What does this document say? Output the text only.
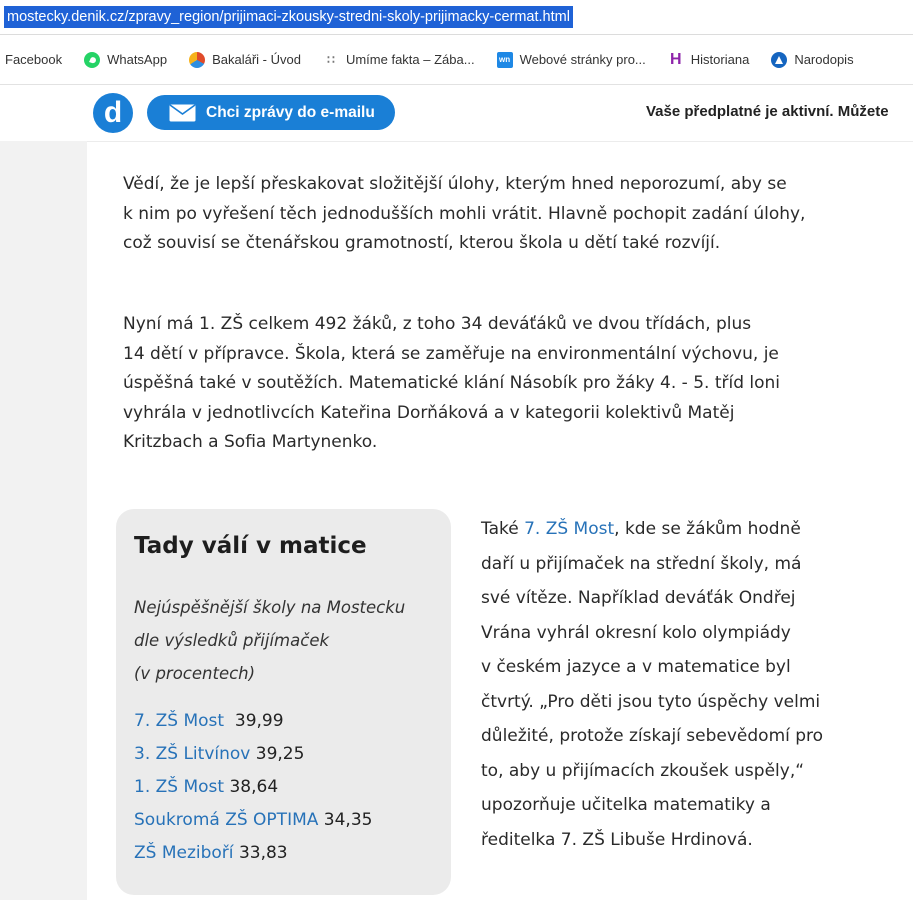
mostecky.denik.cz/zpravy_region/prijimaci-zkousky-stredni-skoly-prijimacky-cermat.html
Facebook	WhatsApp	Bakaláři - Úvod	∷ Umíme fakta – Zába...	wn Webové stránky pro... H Historiana	Narodopis
d	Chci zprávy do e-mailu	Vaše předplatné je aktivní. Můžete

Vědí, že je lepší přeskakovat složitější úlohy, kterým hned neporozumí, aby se
k nim po vyřešení těch jednodušších mohli vrátit. Hlavně pochopit zadání úlohy,
což souvisí se čtenářskou gramotností, kterou škola u dětí také rozvíjí.

Nyní má 1. ZŠ celkem 492 žáků, z toho 34 deváťáků ve dvou třídách, plus
14 dětí v přípravce. Škola, která se zaměřuje na environmentální výchovu, je
úspěšná také v soutěžích. Matematické klání Násobík pro žáky 4. - 5. tříd loni
vyhrála v jednotlivcích Kateřina Dorňáková a v kategorii kolektivů Matěj
Kritzbach a Sofia Martynenko.

Tady válí v matice
Nejúspěšnější školy na Mostecku
dle výsledků přijímaček
(v procentech)
7. ZŠ Most 39,99
3. ZŠ Litvínov 39,25
1. ZŠ Most 38,64
Soukromá ZŠ OPTIMA 34,35
ZŠ Meziboří 33,83
Také 7. ZŠ Most, kde se žákům hodně
daří u přijímaček na střední školy, má
své vítěze. Například deváťák Ondřej
Vrána vyhrál okresní kolo olympiády
v českém jazyce a v matematice byl
čtvrtý. „Pro děti jsou tyto úspěchy velmi
důležité, protože získají sebevědomí pro
to, aby u přijímacích zkoušek uspěly,“
upozorňuje učitelka matematiky a
ředitelka 7. ZŠ Libuše Hrdinová.
